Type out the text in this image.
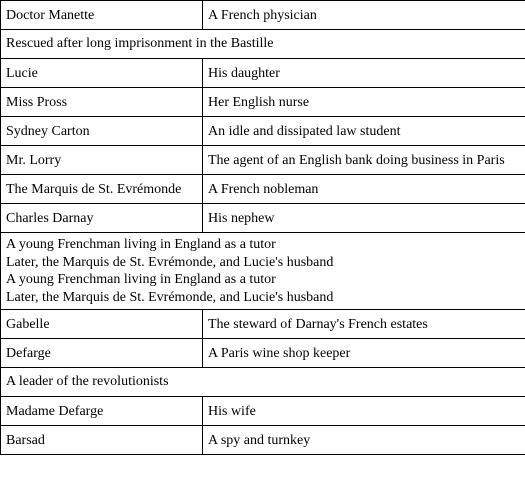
Doctor Manette	A French physician

Rescued after long imprisonment in the Bastille	

Lucie	His daughter
Miss Pross	Her English nurse
Sydney Carton	An idle and dissipated law student
Mr. Lorry	The agent of an English bank doing business in Paris
The Marquis de St. Evrémonde	A French nobleman
Charles Darnay	His nephew

A young Frenchman living in England as a tutor
Later, the Marquis de St. Evrémonde, and Lucie's husband
A young Frenchman living in England as a tutor
Later, the Marquis de St. Evrémonde, and Lucie's husband	

Gabelle	The steward of Darnay's French estates
Defarge	A Paris wine shop keeper

A leader of the revolutionists	

Madame Defarge	His wife
Barsad	A spy and turnkey
